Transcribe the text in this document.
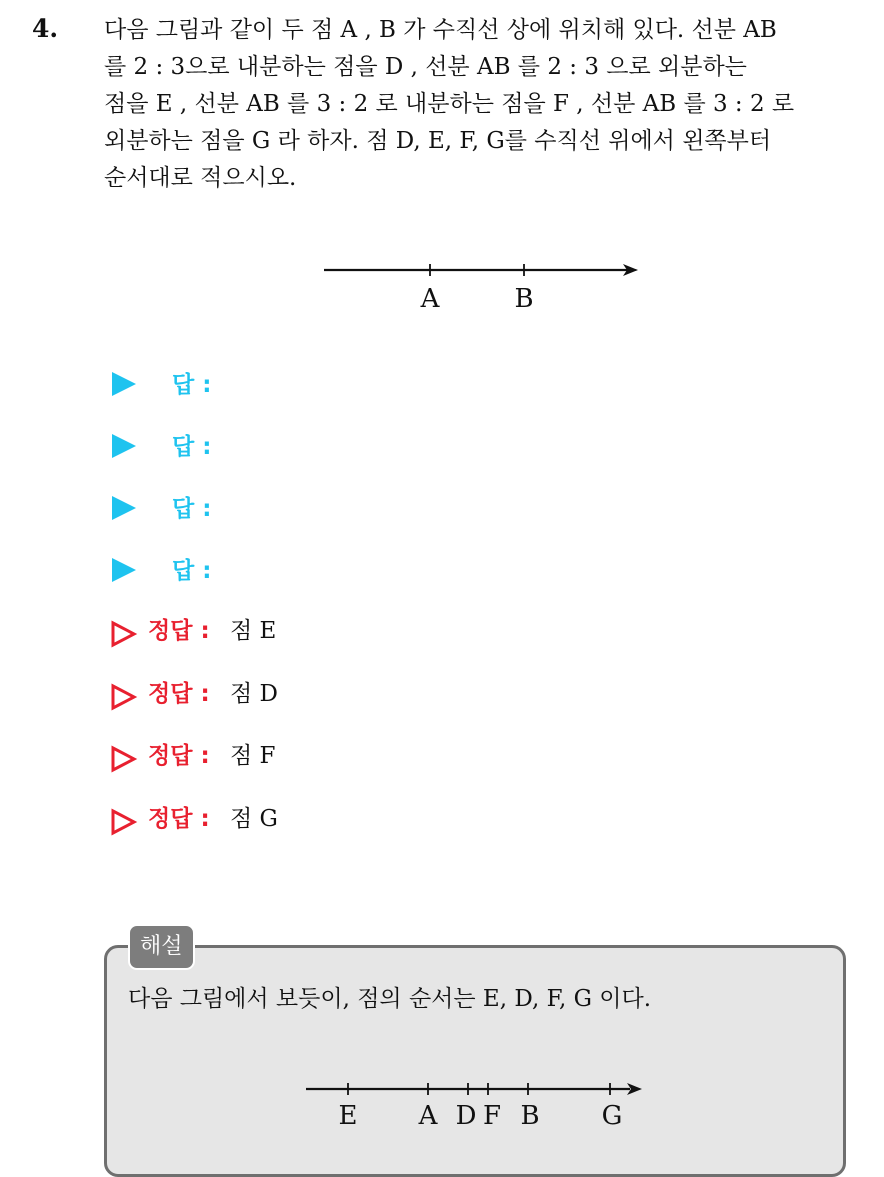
4. 다음 그림과 같이 두 점 A , B 가 수직선 상에 위치해 있다. 선분 AB
를 2 : 3으로 내분하는 점을 D , 선분 AB 를 2 : 3 으로 외분하는
점을 E , 선분 AB 를 3 : 2 로 내분하는 점을 F , 선분 AB 를 3 : 2 로
외분하는 점을 G 라 하자. 점 D, E, F, G를 수직선 위에서 왼쪽부터
순서대로 적으시오.
A	B
답 :
답 :
답 :
답 :
정답 : 점 E
정답 : 점 D
정답 : 점 F
정답 : 점 G
해설
다음 그림에서 보듯이, 점의 순서는 E, D, F, G 이다.
E A D F B G
